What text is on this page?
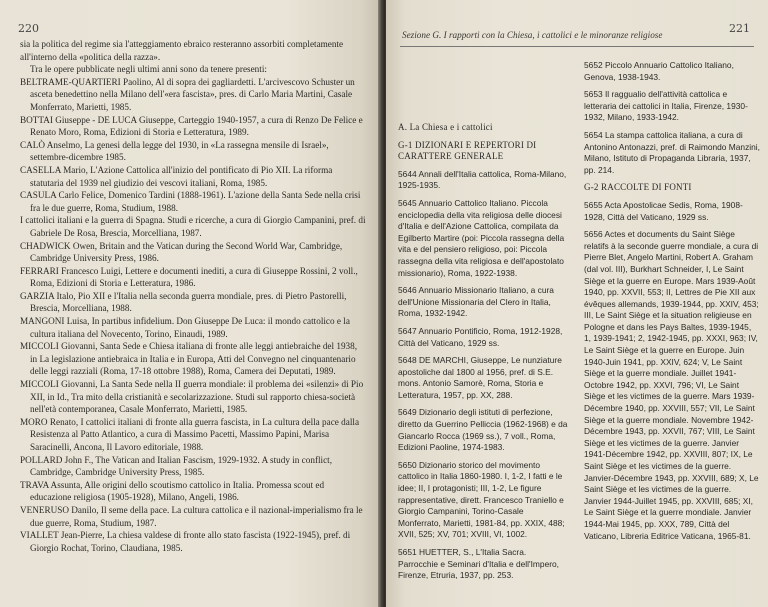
220

sia la politica del regime sia l'atteggiamento ebraico resteranno assorbiti completamente

all'interno della «politica della razza».

Tra le opere pubblicate negli ultimi anni sono da tenere presenti:

BELTRAME-QUARTIERI Paolino, Al di sopra dei gagliardetti. L'arcivescovo Schuster un asceta benedettino nella Milano dell'«era fascista», pres. di Carlo Maria Martini, Casale Monferrato, Marietti, 1985.

BOTTAI Giuseppe - DE LUCA Giuseppe, Carteggio 1940-1957, a cura di Renzo De Felice e Renato Moro, Roma, Edizioni di Storia e Letteratura, 1989.

CALÒ Anselmo, La genesi della legge del 1930, in «La rassegna mensile di Israel», settembre-dicembre 1985.

CASELLA Mario, L'Azione Cattolica all'inizio del pontificato di Pio XII. La riforma statutaria del 1939 nel giudizio dei vescovi italiani, Roma, 1985.

CASULA Carlo Felice, Domenico Tardini (1888-1961). L'azione della Santa Sede nella crisi fra le due guerre, Roma, Studium, 1988.

I cattolici italiani e la guerra di Spagna. Studi e ricerche, a cura di Giorgio Campanini, pref. di Gabriele De Rosa, Brescia, Morcelliana, 1987.

CHADWICK Owen, Britain and the Vatican during the Second World War, Cambridge, Cambridge University Press, 1986.

FERRARI Francesco Luigi, Lettere e documenti inediti, a cura di Giuseppe Rossini, 2 voll., Roma, Edizioni di Storia e Letteratura, 1986.

GARZIA Italo, Pio XII e l'Italia nella seconda guerra mondiale, pres. di Pietro Pastorelli, Brescia, Morcelliana, 1988.

MANGONI Luisa, In partibus infidelium. Don Giuseppe De Luca: il mondo cattolico e la cultura italiana del Novecento, Torino, Einaudi, 1989.

MICCOLI Giovanni, Santa Sede e Chiesa italiana di fronte alle leggi antiebraiche del 1938, in La legislazione antiebraica in Italia e in Europa, Atti del Convegno nel cinquantenario delle leggi razziali (Roma, 17-18 ottobre 1988), Roma, Camera dei Deputati, 1989.

MICCOLI Giovanni, La Santa Sede nella II guerra mondiale: il problema dei «silenzi» di Pio XII, in Id., Tra mito della cristianità e secolarizzazione. Studi sul rapporto chiesa-società nell'età contemporanea, Casale Monferrato, Marietti, 1985.

MORO Renato, I cattolici italiani di fronte alla guerra fascista, in La cultura della pace dalla Resistenza al Patto Atlantico, a cura di Massimo Pacetti, Massimo Papini, Marisa Saracinelli, Ancona, Il Lavoro editoriale, 1988.

POLLARD John F., The Vatican and Italian Fascism, 1929-1932. A study in conflict, Cambridge, Cambridge University Press, 1985.

TRAVA Assunta, Alle origini dello scoutismo cattolico in Italia. Promessa scout ed educazione religiosa (1905-1928), Milano, Angeli, 1986.

VENERUSO Danilo, Il seme della pace. La cultura cattolica e il nazional-imperialismo fra le due guerre, Roma, Studium, 1987.

VIALLET Jean-Pierre, La chiesa valdese di fronte allo stato fascista (1922-1945), pref. di Giorgio Rochat, Torino, Claudiana, 1985.

Sezione G. I rapporti con la Chiesa, i cattolici e le minoranze religiose	221
A. La Chiesa e i cattolici
G-1 DIZIONARI E REPERTORI DI CARATTERE GENERALE
5644 Annali dell'Italia cattolica, Roma-Milano, 1925-1935.
5645 Annuario Cattolico Italiano. Piccola enciclopedia della vita religiosa delle diocesi d'Italia e dell'Azione Cattolica, compilata da Egilberto Martire (poi: Piccola rassegna della vita e del pensiero religioso, poi: Piccola rassegna della vita religiosa e dell'apostolato missionario), Roma, 1922-1938.
5646 Annuario Missionario Italiano, a cura dell'Unione Missionaria del Clero in Italia, Roma, 1932-1942.
5647 Annuario Pontificio, Roma, 1912-1928, Città del Vaticano, 1929 ss.
5648 DE MARCHI, Giuseppe, Le nunziature apostoliche dal 1800 al 1956, pref. di S.E. mons. Antonio Samorè, Roma, Storia e Letteratura, 1957, pp. XX, 288.
5649 Dizionario degli istituti di perfezione, diretto da Guerrino Pelliccia (1962-1968) e da Giancarlo Rocca (1969 ss.), 7 voll., Roma, Edizioni Paoline, 1974-1983.
5650 Dizionario storico del movimento cattolico in Italia 1860-1980. I, 1-2, I fatti e le idee; II, I protagonisti; III, 1-2, Le figure rappresentative, dirett. Francesco Traniello e Giorgio Campanini, Torino-Casale Monferrato, Marietti, 1981-84, pp. XXIX, 488; XVII, 525; XV, 701; XVIII, VI, 1002.
5651 HUETTER, S., L'Italia Sacra. Parrocchie e Seminari d'Italia e dell'Impero, Firenze, Etruria, 1937, pp. 253.
5652 Piccolo Annuario Cattolico Italiano, Genova, 1938-1943.
5653 Il raggualio dell'attività cattolica e letteraria dei cattolici in Italia, Firenze, 1930-1932, Milano, 1933-1942.
5654 La stampa cattolica italiana, a cura di Antonino Antonazzi, pref. di Raimondo Manzini, Milano, Istituto di Propaganda Libraria, 1937, pp. 214.
G-2 RACCOLTE DI FONTI
5655 Acta Apostolicae Sedis, Roma, 1908-1928, Città del Vaticano, 1929 ss.
5656 Actes et documents du Saint Siège relatifs à la seconde guerre mondiale, a cura di Pierre Blet, Angelo Martini, Robert A. Graham (dal vol. III), Burkhart Schneider, I, Le Saint Siège et la guerre en Europe. Mars 1939-Août 1940, pp. XXVII, 553; II, Lettres de Pie XII aux évêques allemands, 1939-1944, pp. XXIV, 453; III, Le Saint Siège et la situation religieuse en Pologne et dans les Pays Baltes, 1939-1945, 1, 1939-1941; 2, 1942-1945, pp. XXXI, 963; IV, Le Saint Siège et la guerre en Europe. Juin 1940-Juin 1941, pp. XXIV, 624; V, Le Saint Siège et la guerre mondiale. Juillet 1941-Octobre 1942, pp. XXVI, 796; VI, Le Saint Siège et les victimes de la guerre. Mars 1939-Décembre 1940, pp. XXVIII, 557; VII, Le Saint Siège et la guerre mondiale. Novembre 1942-Décembre 1943, pp. XXVII, 767; VIII, Le Saint Siège et les victimes de la guerre. Janvier 1941-Décembre 1942, pp. XXVIII, 807; IX, Le Saint Siège et les victimes de la guerre. Janvier-Décembre 1943, pp. XXVIII, 689; X, Le Saint Siège et les victimes de la guerre. Janvier 1944-Juillet 1945, pp. XXVIII, 685; XI, Le Saint Siège et la guerre mondiale. Janvier 1944-Mai 1945, pp. XXX, 789, Città del Vaticano, Libreria Editrice Vaticana, 1965-81.
